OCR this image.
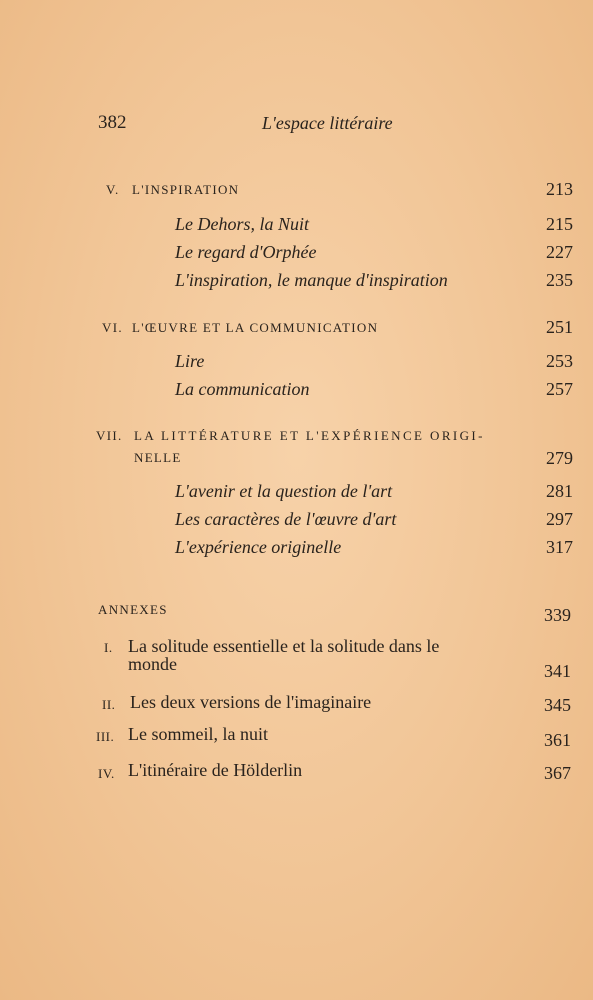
382	L'espace littéraire
V. L'INSPIRATION	213
Le Dehors, la Nuit	215
Le regard d'Orphée	227
L'inspiration, le manque d'inspiration	235
VI. L'ŒUVRE ET LA COMMUNICATION	251
Lire	253
La communication	257
VII. LA LITTÉRATURE ET L'EXPÉRIENCE ORIGI-
NELLE	279
L'avenir et la question de l'art	281
Les caractères de l'œuvre d'art	297
L'expérience originelle	317
ANNEXES	339
I. La solitude essentielle et la solitude dans le
monde	341
II. Les deux versions de l'imaginaire	345
III. Le sommeil, la nuit	361
IV. L'itinéraire de Hölderlin	367
